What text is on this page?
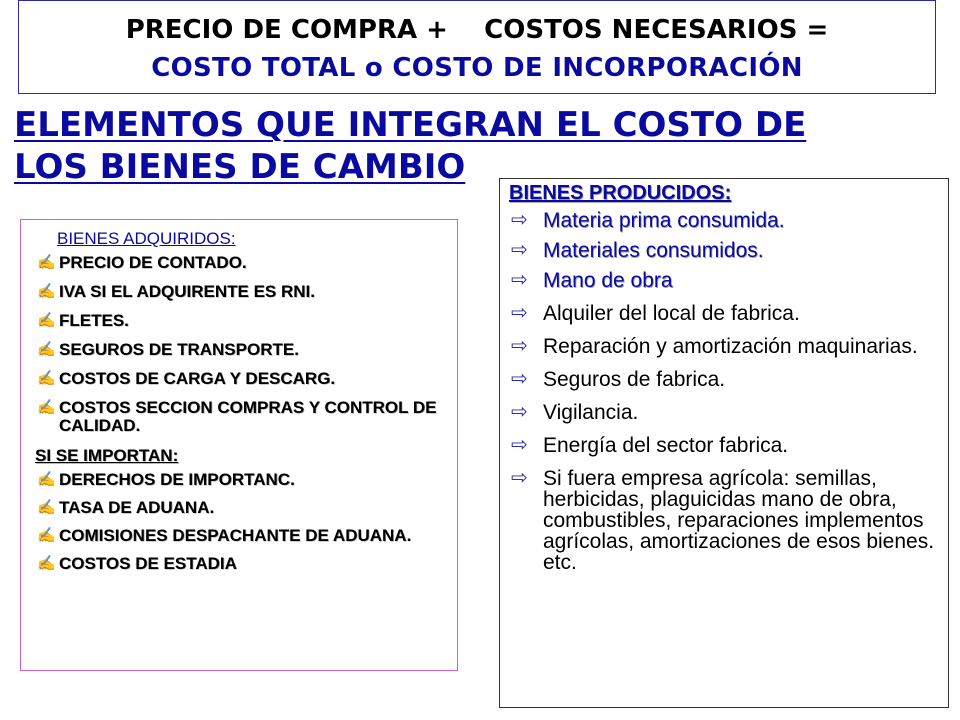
PRECIO DE COMPRA +    COSTOS NECESARIOS =
COSTO TOTAL o COSTO DE INCORPORACIÓN
ELEMENTOS QUE INTEGRAN EL COSTO DE
LOS BIENES DE CAMBIO
BIENES ADQUIRIDOS:
✍ PRECIO DE CONTADO.
✍ IVA SI EL ADQUIRENTE ES RNI.
✍ FLETES.
✍ SEGUROS DE TRANSPORTE.
✍ COSTOS DE CARGA Y DESCARG.
✍ COSTOS SECCION COMPRAS Y CONTROL DE CALIDAD.
SI SE IMPORTAN:
✍ DERECHOS DE IMPORTANC.
✍ TASA DE ADUANA.
✍ COMISIONES DESPACHANTE DE ADUANA.
✍ COSTOS DE ESTADIA
BIENES PRODUCIDOS:
⇨ Materia prima consumida.
⇨ Materiales consumidos.
⇨ Mano de obra
⇨ Alquiler del local de fabrica.
⇨ Reparación y amortización maquinarias.
⇨ Seguros de fabrica.
⇨ Vigilancia.
⇨ Energía del sector fabrica.
⇨ Si fuera empresa agrícola: semillas, herbicidas, plaguicidas mano de obra, combustibles, reparaciones implementos agrícolas, amortizaciones de esos bienes. etc.
